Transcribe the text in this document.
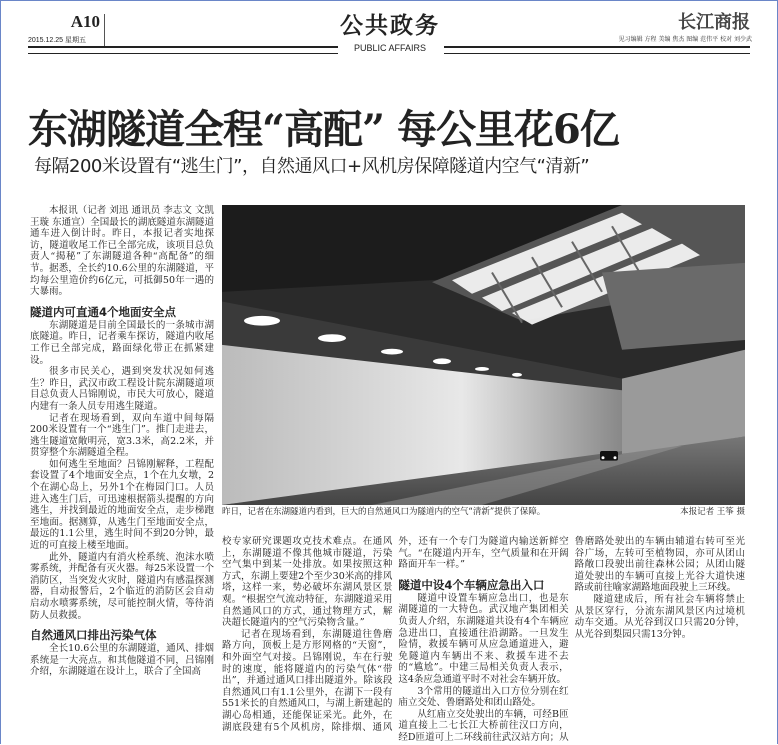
A10
2015.12.25 星期五
公共政务
PUBLIC AFFAIRS
长江商报
见习编辑 方程 美编 焦杰 图编 范伟平 校对 刘少武
东湖隧道全程“高配” 每公里花6亿
每隔200米设置有“逃生门”，自然通风口+风机房保障隧道内空气“清新”

本报讯（记者 刘迅 通讯员 李志文 文凯 王璇 东通宣）全国最长的湖底隧道东湖隧道通车进入倒计时。昨日，本报记者实地探访，隧道收尾工作已全部完成，该项目总负责人“揭秘”了东湖隧道各种“高配备”的细节。据悉，全长约10.6公里的东湖隧道，平均每公里造价约6亿元，可抵御50年一遇的大暴雨。

隧道内可直通4个地面安全点

东湖隧道是目前全国最长的一条城市湖底隧道。昨日，记者乘车探访，隧道内收尾工作已全部完成，路面绿化带正在抓紧建设。

很多市民关心，遇到突发状况如何逃生？昨日，武汉市政工程设计院东湖隧道项目总负责人吕锦刚说，市民大可放心，隧道内建有一条人员专用逃生隧道。

记者在现场看到，双向车道中间每隔200米设置有一个“逃生门”。推门走进去，逃生隧道宽敞明亮，宽3.3米，高2.2米，并贯穿整个东湖隧道全程。

如何逃生至地面？吕锦刚解释，工程配套设置了4个地面安全点，1个在九女墩，2个在湖心岛上，另外1个在梅园门口。人员进入逃生门后，可迅速根据箭头提醒的方向逃生，并找到最近的地面安全点，走步梯跑至地面。据测算，从逃生门至地面安全点，最远的1.1公里，逃生时间不到20分钟，最近的可直接上楼至地面。

此外，隧道内有消火栓系统、泡沫水喷雾系统，并配备有灭火器。每25米设置一个消防区，当突发火灾时，隧道内有感温探测器，自动报警后，2个临近的消防区会自动启动水喷雾系统，尽可能控制火情，等待消防人员救援。

自然通风口排出污染气体

全长10.6公里的东湖隧道，通风、排烟系统是一大亮点。和其他隧道不同，吕锦刚介绍，东湖隧道在设计上，联合了全国高

昨日，记者在东湖隧道内看到，巨大的自然通风口为隧道内的空气“清新”提供了保障。	本报记者 王筝 摄

校专家研究课题攻克技术难点。在通风上，东湖隧道不像其他城市隧道，污染空气集中到某一处排放。如果按照这种方式，东湖上要建2个至少30米高的排风塔，这样一来，势必破坏东湖风景区景观。“根据空气流动特征，东湖隧道采用自然通风口的方式，通过物理方式，解决超长隧道内的空气污染物含量。”

记者在现场看到，东湖隧道往鲁磨路方向，顶板上是方形网格的“天窗”，和外面空气对接。吕锦刚说，车在行驶时的速度，能将隧道内的污染气体“带出”，并通过通风口排出隧道外。除该段自然通风口有1.1公里外，在湖下一段有551米长的自然通风口，与湖上新建起的湖心岛相通，还能保证采光。此外，在湖底段建有5个风机房，除排烟、通风外，还有一个专门为隧道内输送新鲜空气。“在隧道内开车，空气质量和在开阔路面开车一样。”

隧道中设4个车辆应急出入口

隧道中设置车辆应急出口，也是东湖隧道的一大特色。武汉地产集团相关负责人介绍，东湖隧道共设有4个车辆应急进出口，直接通往沿湖路。一旦发生险情，救援车辆可从应急通道进入，避免隧道内车辆出不来、救援车进不去的“尴尬”。中建三局相关负责人表示，这4条应急通道平时不对社会车辆开放。

3个常用的隧道出入口方位分别在红庙立交处、鲁磨路处和团山路处。

从红庙立交处驶出的车辆，可经B匝道直接上二七长江大桥前往汉口方向，经D匝道可上二环线前往武汉站方向；从鲁磨路处驶出的车辆由辅道右转可至光谷广场，左转可至植物园，亦可从团山路敞口段驶出前往森林公园；从团山隧道处驶出的车辆可直接上光谷大道快速路或前往喻家湖路地面段驶上三环线。

隧道建成后，所有社会车辆将禁止从景区穿行，分流东湖风景区内过境机动车交通。从光谷到汉口只需20分钟，从光谷到梨园只需13分钟。
